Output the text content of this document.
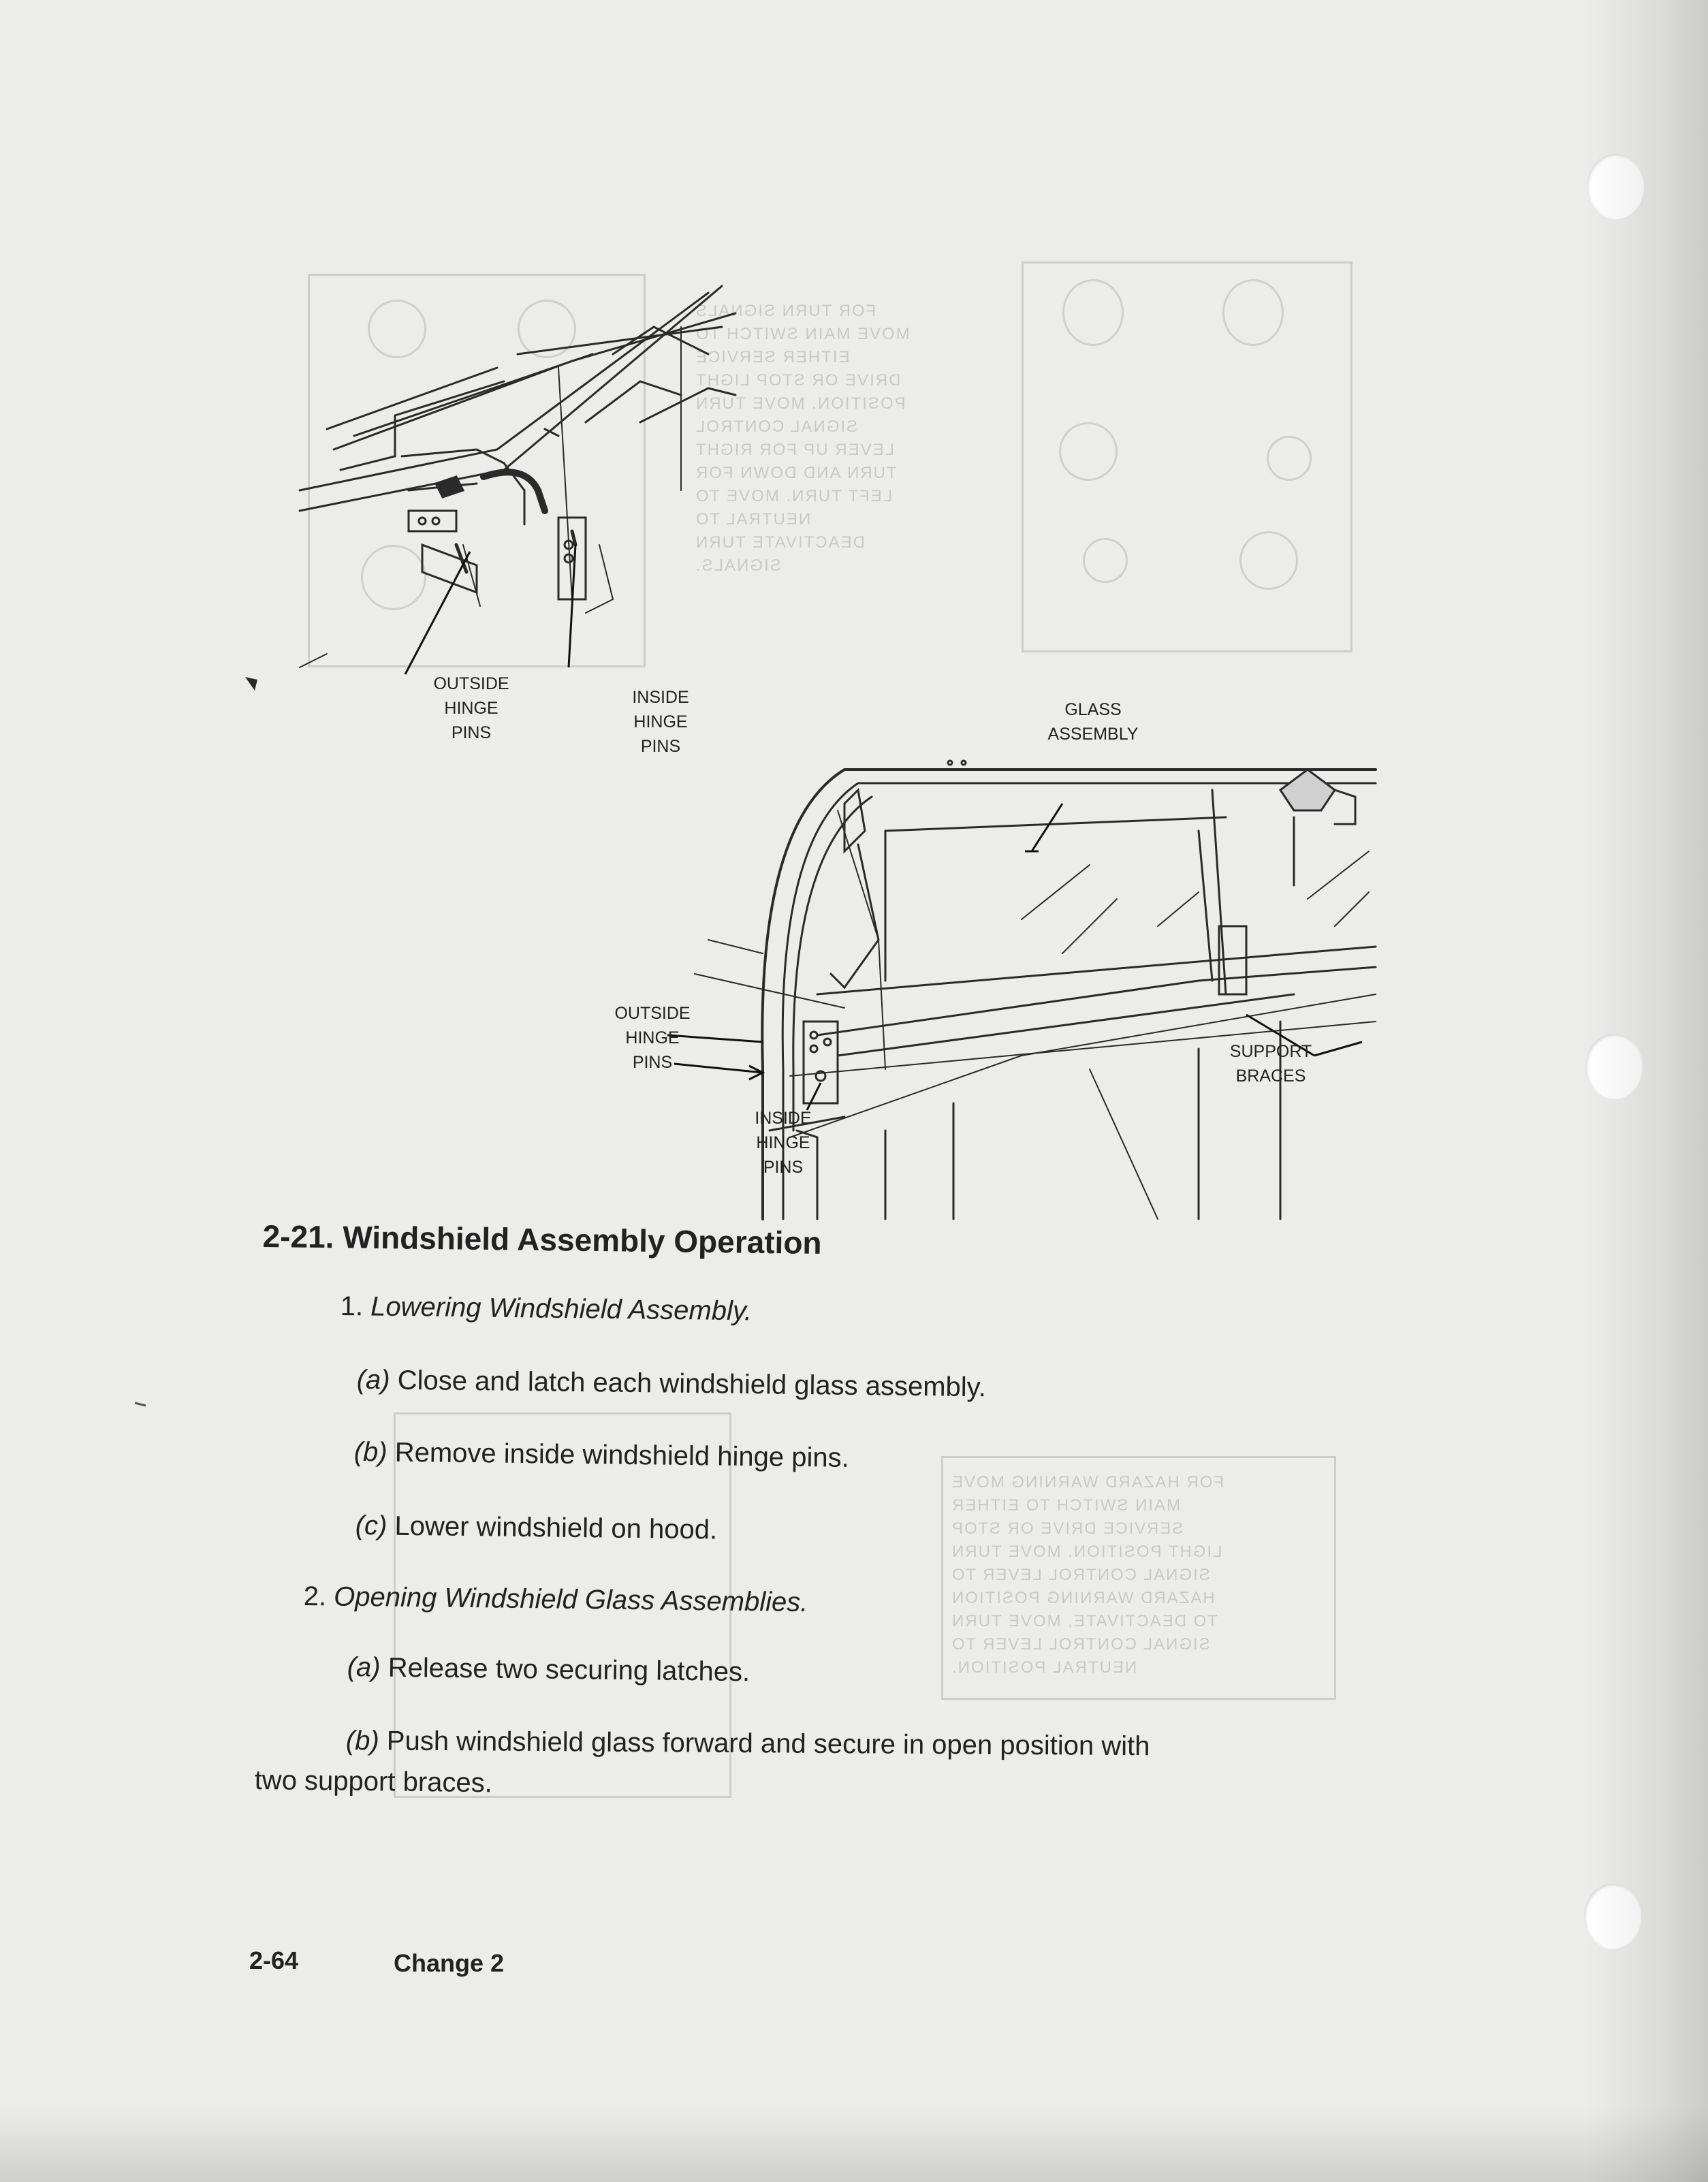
FOR TURN SIGNALS
MOVE MAIN SWITCH TO
EITHER SERVICE
DRIVE OR STOP LIGHT
POSITION. MOVE TURN
SIGNAL CONTROL
LEVER UP FOR RIGHT
TURN AND DOWN FOR
LEFT TURN. MOVE TO
NEUTRAL TO
DEACTIVATE TURN
SIGNALS.
FOR HAZARD WARNING MOVE
MAIN SWITCH TO EITHER
SERVICE DRIVE OR STOP
LIGHT POSITION. MOVE TURN
SIGNAL CONTROL LEVER TO
HAZARD WARNING POSITION
TO DEACTIVATE, MOVE TURN
SIGNAL CONTROL LEVER TO
NEUTRAL POSITION.
OUTSIDE
HINGE
PINS
INSIDE
HINGE
PINS
GLASS
ASSEMBLY
OUTSIDE
HINGE
PINS
INSIDE
HINGE
PINS
SUPPORT
BRACES
2-21. Windshield Assembly Operation
1. Lowering Windshield Assembly.
(a) Close and latch each windshield glass assembly.
(b) Remove inside windshield hinge pins.
(c) Lower windshield on hood.
2. Opening Windshield Glass Assemblies.
(a) Release two securing latches.
(b) Push windshield glass forward and secure in open position with
two support braces.
2-64	Change 2
